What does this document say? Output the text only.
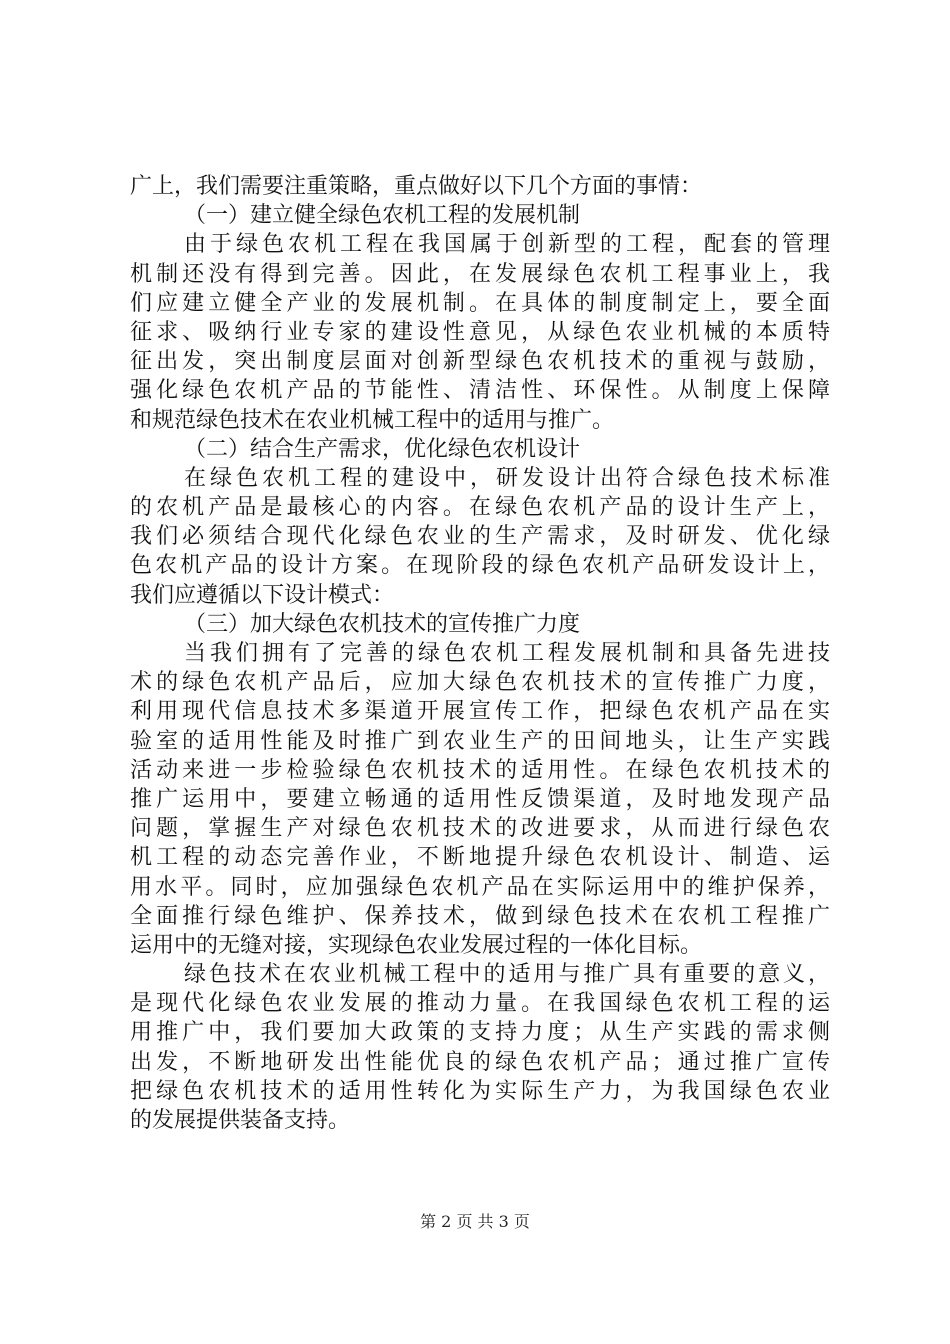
广上，我们需要注重策略，重点做好以下几个方面的事情：
（一）建立健全绿色农机工程的发展机制
由于绿色农机工程在我国属于创新型的工程，配套的管理
机制还没有得到完善。因此，在发展绿色农机工程事业上，我
们应建立健全产业的发展机制。在具体的制度制定上，要全面
征求、吸纳行业专家的建设性意见，从绿色农业机械的本质特
征出发，突出制度层面对创新型绿色农机技术的重视与鼓励，
强化绿色农机产品的节能性、清洁性、环保性。从制度上保障
和规范绿色技术在农业机械工程中的适用与推广。
（二）结合生产需求，优化绿色农机设计
在绿色农机工程的建设中，研发设计出符合绿色技术标准
的农机产品是最核心的内容。在绿色农机产品的设计生产上，
我们必须结合现代化绿色农业的生产需求，及时研发、优化绿
色农机产品的设计方案。在现阶段的绿色农机产品研发设计上，
我们应遵循以下设计模式：
（三）加大绿色农机技术的宣传推广力度
当我们拥有了完善的绿色农机工程发展机制和具备先进技
术的绿色农机产品后，应加大绿色农机技术的宣传推广力度，
利用现代信息技术多渠道开展宣传工作，把绿色农机产品在实
验室的适用性能及时推广到农业生产的田间地头，让生产实践
活动来进一步检验绿色农机技术的适用性。在绿色农机技术的
推广运用中，要建立畅通的适用性反馈渠道，及时地发现产品
问题，掌握生产对绿色农机技术的改进要求，从而进行绿色农
机工程的动态完善作业，不断地提升绿色农机设计、制造、运
用水平。同时，应加强绿色农机产品在实际运用中的维护保养，
全面推行绿色维护、保养技术，做到绿色技术在农机工程推广
运用中的无缝对接，实现绿色农业发展过程的一体化目标。
绿色技术在农业机械工程中的适用与推广具有重要的意义，
是现代化绿色农业发展的推动力量。在我国绿色农机工程的运
用推广中，我们要加大政策的支持力度；从生产实践的需求侧
出发，不断地研发出性能优良的绿色农机产品；通过推广宣传
把绿色农机技术的适用性转化为实际生产力，为我国绿色农业
的发展提供装备支持。
第 2 页 共 3 页
